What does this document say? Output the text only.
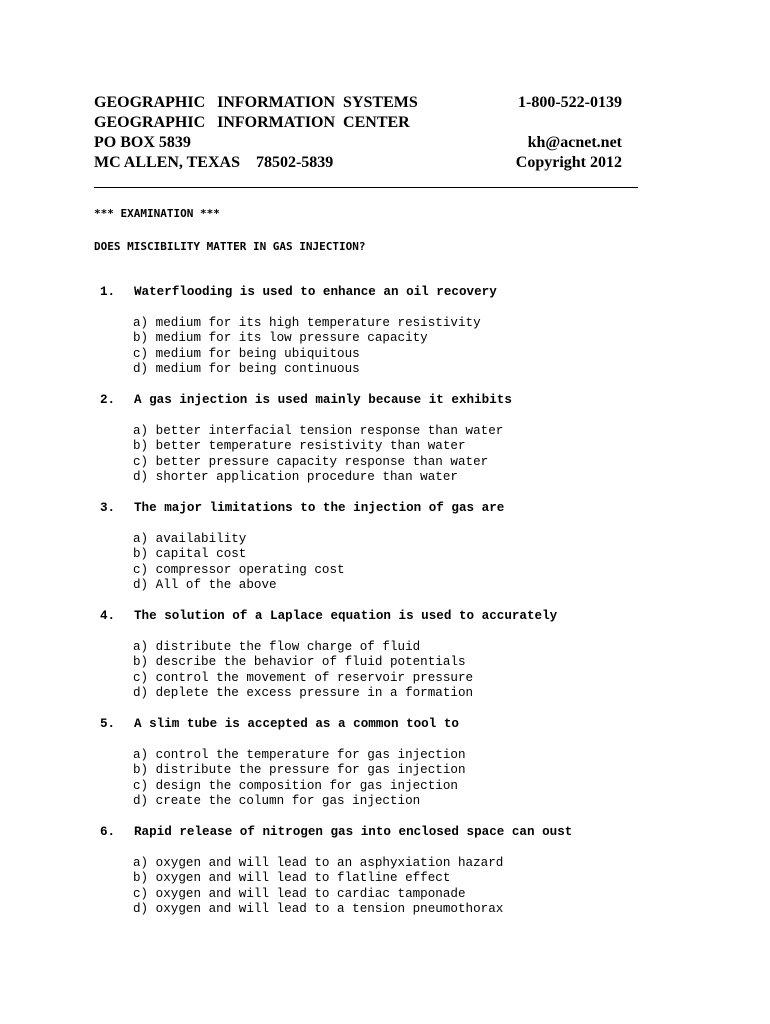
GEOGRAPHIC   INFORMATION  SYSTEMS
GEOGRAPHIC   INFORMATION  CENTER
PO BOX 5839
MC ALLEN, TEXAS    78502-5839
1-800-522-0139
kh@acnet.net
Copyright 2012
*** EXAMINATION ***
DOES MISCIBILITY MATTER IN GAS INJECTION?
1. Waterflooding is used to enhance an oil recovery
a) medium for its high temperature resistivity
b) medium for its low pressure capacity
c) medium for being ubiquitous
d) medium for being continuous
2. A gas injection is used mainly because it exhibits
a) better interfacial tension response than water
b) better temperature resistivity than water
c) better pressure capacity response than water
d) shorter application procedure than water
3. The major limitations to the injection of gas are
a) availability
b) capital cost
c) compressor operating cost
d) All of the above
4. The solution of a Laplace equation is used to accurately
a) distribute the flow charge of fluid
b) describe the behavior of fluid potentials
c) control the movement of reservoir pressure
d) deplete the excess pressure in a formation
5. A slim tube is accepted as a common tool to
a) control the temperature for gas injection
b) distribute the pressure for gas injection
c) design the composition for gas injection
d) create the column for gas injection
6. Rapid release of nitrogen gas into enclosed space can oust
a) oxygen and will lead to an asphyxiation hazard
b) oxygen and will lead to flatline effect
c) oxygen and will lead to cardiac tamponade
d) oxygen and will lead to a tension pneumothorax
